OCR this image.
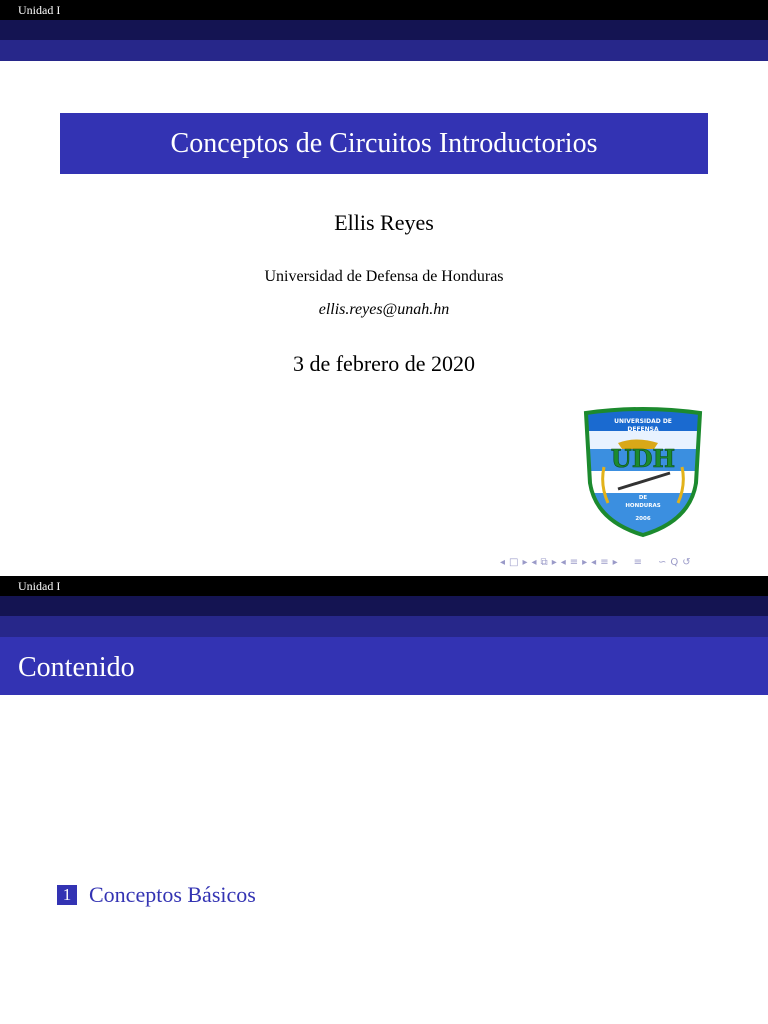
Unidad I
Conceptos de Circuitos Introductorios
Ellis Reyes
Universidad de Defensa de Honduras
ellis.reyes@unah.hn
3 de febrero de 2020
UNIVERSIDAD DE
DEFENSA
UDH
DE
HONDURAS
2006
◂ □ ▸ ◂ ⧉ ▸ ◂ ≡ ▸ ◂ ≡ ▸ ≡ ∽ Q ↺
Unidad I
Contenido
1 Conceptos Básicos
